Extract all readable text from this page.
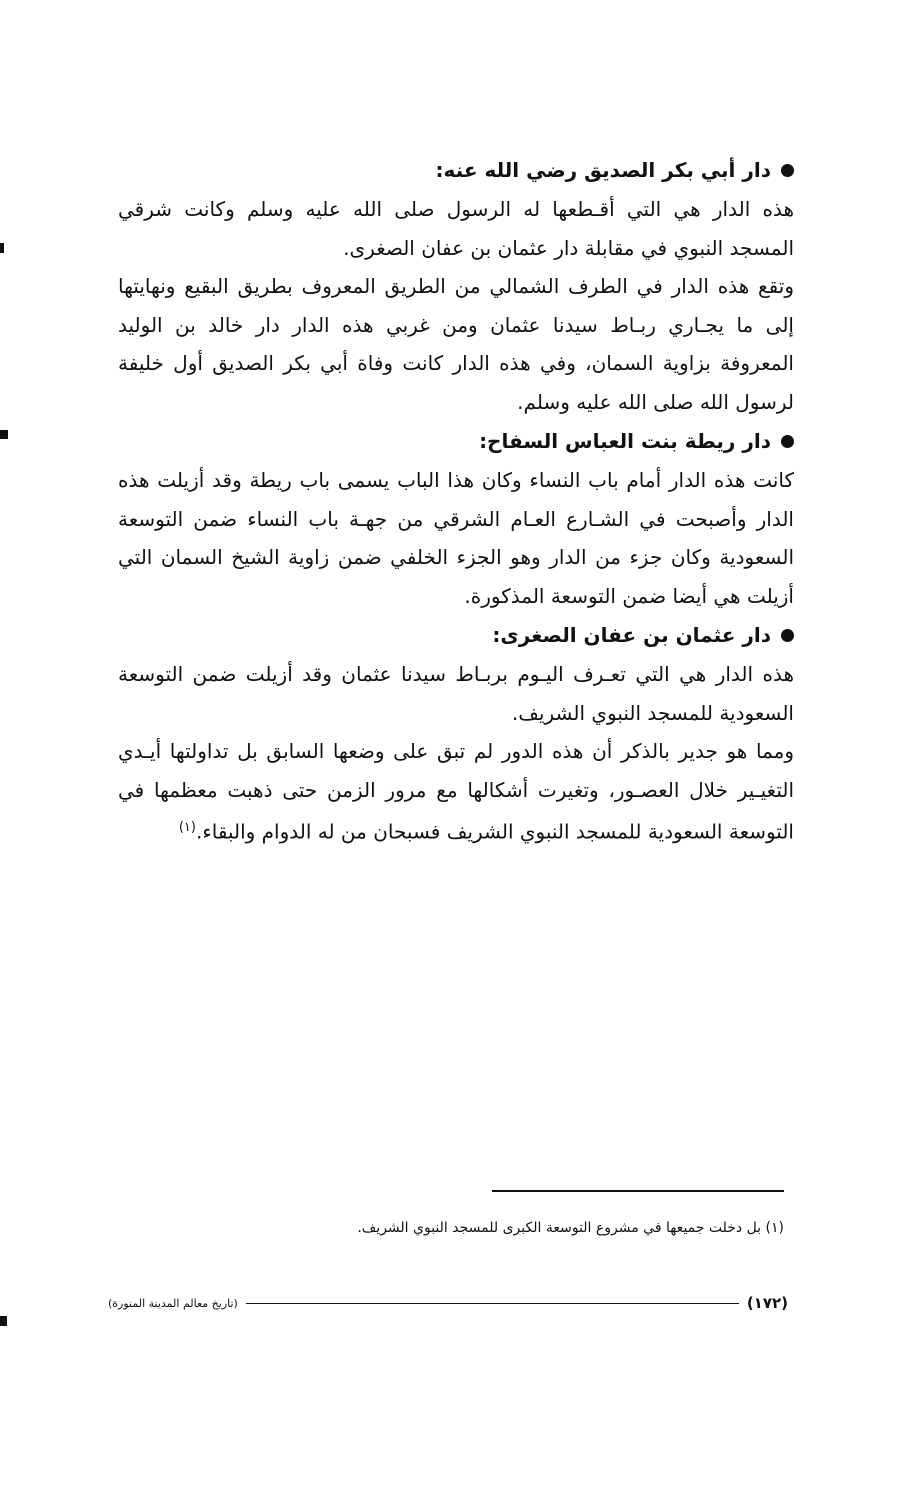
دار أبي بكر الصديق رضي الله عنه:

هذه الدار هي التي أقـطعها له الرسول صلى الله عليه وسلم وكانت شرقي المسجد النبوي في مقابلة دار عثمان بن عفان الصغرى.

وتقع هذه الدار في الطرف الشمالي من الطريق المعروف بطريق البقيع ونهايتها إلى ما يجـاري ربـاط سيدنا عثمان ومن غربي هذه الدار دار خالد بن الوليد المعروفة بزاوية السمان، وفي هذه الدار كانت وفاة أبي بكر الصديق أول خليفة لرسول الله صلى الله عليه وسلم.

دار ريطة بنت العباس السفاح:

كانت هذه الدار أمام باب النساء وكان هذا الباب يسمى باب ريطة وقد أزيلت هذه الدار وأصبحت في الشـارع العـام الشرقي من جهـة باب النساء ضمن التوسعة السعودية وكان جزء من الدار وهو الجزء الخلفي ضمن زاوية الشيخ السمان التي أزيلت هي أيضا ضمن التوسعة المذكورة.

دار عثمان بن عفان الصغرى:

هذه الدار هي التي تعـرف اليـوم بربـاط سيدنا عثمان وقد أزيلت ضمن التوسعة السعودية للمسجد النبوي الشريف.

ومما هو جدير بالذكر أن هذه الدور لم تبق على وضعها السابق بل تداولتها أيـدي التغيـير خلال العصـور، وتغيرت أشكالها مع مرور الزمن حتى ذهبت معظمها في التوسعة السعودية للمسجد النبوي الشريف فسبحان من له الدوام والبقاء.$^{(١)}$

(١) بل دخلت جميعها في مشروع التوسعة الكبرى للمسجد النبوي الشريف.
(١٧٢)
(تاريخ معالم المدينة المنورة)
